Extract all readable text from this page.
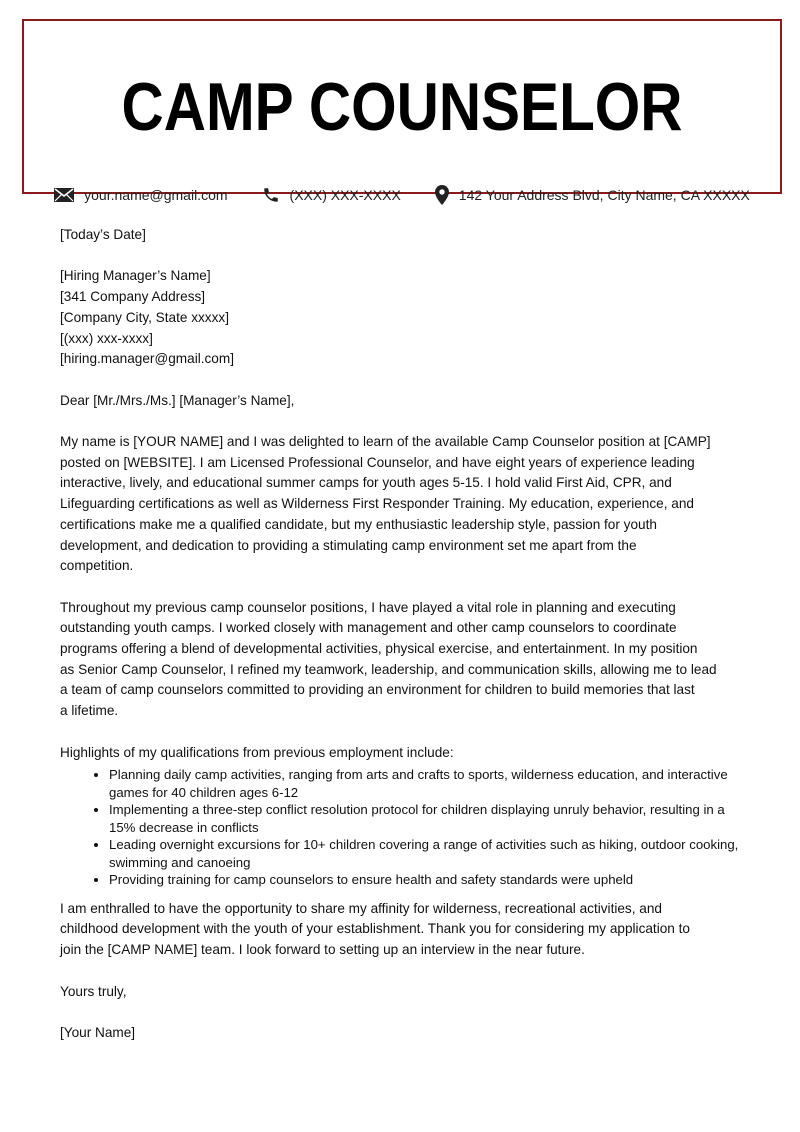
CAMP COUNSELOR
your.name@gmail.com	(XXX) XXX-XXXX	142 Your Address Blvd, City Name, CA XXXXX
[Today’s Date]
[Hiring Manager’s Name]
[341 Company Address]
[Company City, State xxxxx]
[(xxx) xxx-xxxx]
[hiring.manager@gmail.com]
Dear [Mr./Mrs./Ms.] [Manager’s Name],
My name is [YOUR NAME] and I was delighted to learn of the available Camp Counselor position at [CAMP]
posted on [WEBSITE]. I am Licensed Professional Counselor, and have eight years of experience leading
interactive, lively, and educational summer camps for youth ages 5-15. I hold valid First Aid, CPR, and
Lifeguarding certifications as well as Wilderness First Responder Training. My education, experience, and
certifications make me a qualified candidate, but my enthusiastic leadership style, passion for youth
development, and dedication to providing a stimulating camp environment set me apart from the
competition.
Throughout my previous camp counselor positions, I have played a vital role in planning and executing
outstanding youth camps. I worked closely with management and other camp counselors to coordinate
programs offering a blend of developmental activities, physical exercise, and entertainment. In my position
as Senior Camp Counselor, I refined my teamwork, leadership, and communication skills, allowing me to lead
a team of camp counselors committed to providing an environment for children to build memories that last
a lifetime.
Highlights of my qualifications from previous employment include:
• Planning daily camp activities, ranging from arts and crafts to sports, wilderness education, and interactive
games for 40 children ages 6-12
• Implementing a three-step conflict resolution protocol for children displaying unruly behavior, resulting in a
15% decrease in conflicts
• Leading overnight excursions for 10+ children covering a range of activities such as hiking, outdoor cooking,
swimming and canoeing
• Providing training for camp counselors to ensure health and safety standards were upheld
I am enthralled to have the opportunity to share my affinity for wilderness, recreational activities, and
childhood development with the youth of your establishment. Thank you for considering my application to
join the [CAMP NAME] team. I look forward to setting up an interview in the near future.
Yours truly,
[Your Name]
